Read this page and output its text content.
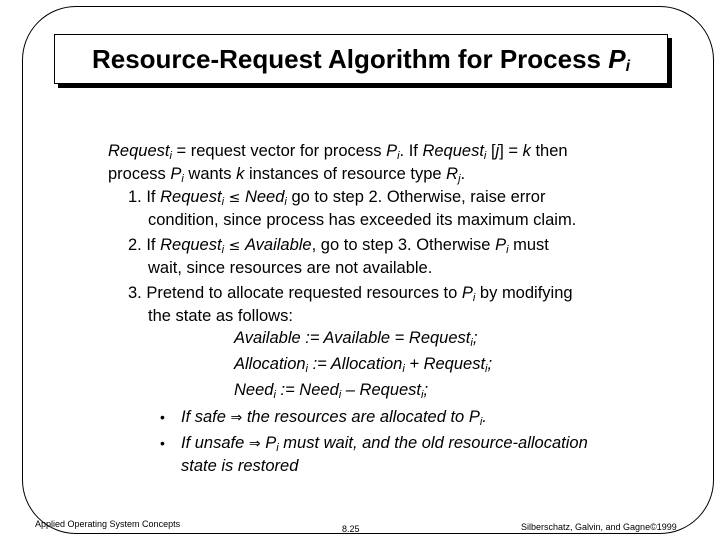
Resource-Request Algorithm for Process $P_i$
Request$_i$ = request vector for process $P_i$. If Request$_i$ [j] = k then
process $P_i$ wants k instances of resource type $R_j$.
1. If Request$_i$ ≤ Need$_i$ go to step 2. Otherwise, raise error
condition, since process has exceeded its maximum claim.
2. If Request$_i$ ≤ Available, go to step 3. Otherwise $P_i$ must
wait, since resources are not available.
3. Pretend to allocate requested resources to $P_i$ by modifying
the state as follows:
Available := Available = Request$_i$;
Allocation$_i$ := Allocation$_i$ + Request$_i$;
Need$_i$ := Need$_i$ – Request$_i$;
• If safe ⇒ the resources are allocated to $P_i$.
• If unsafe ⇒ $P_i$ must wait, and the old resource-allocation
state is restored
Applied Operating System Concepts	8.25	Silberschatz, Galvin, and Gagne©1999
